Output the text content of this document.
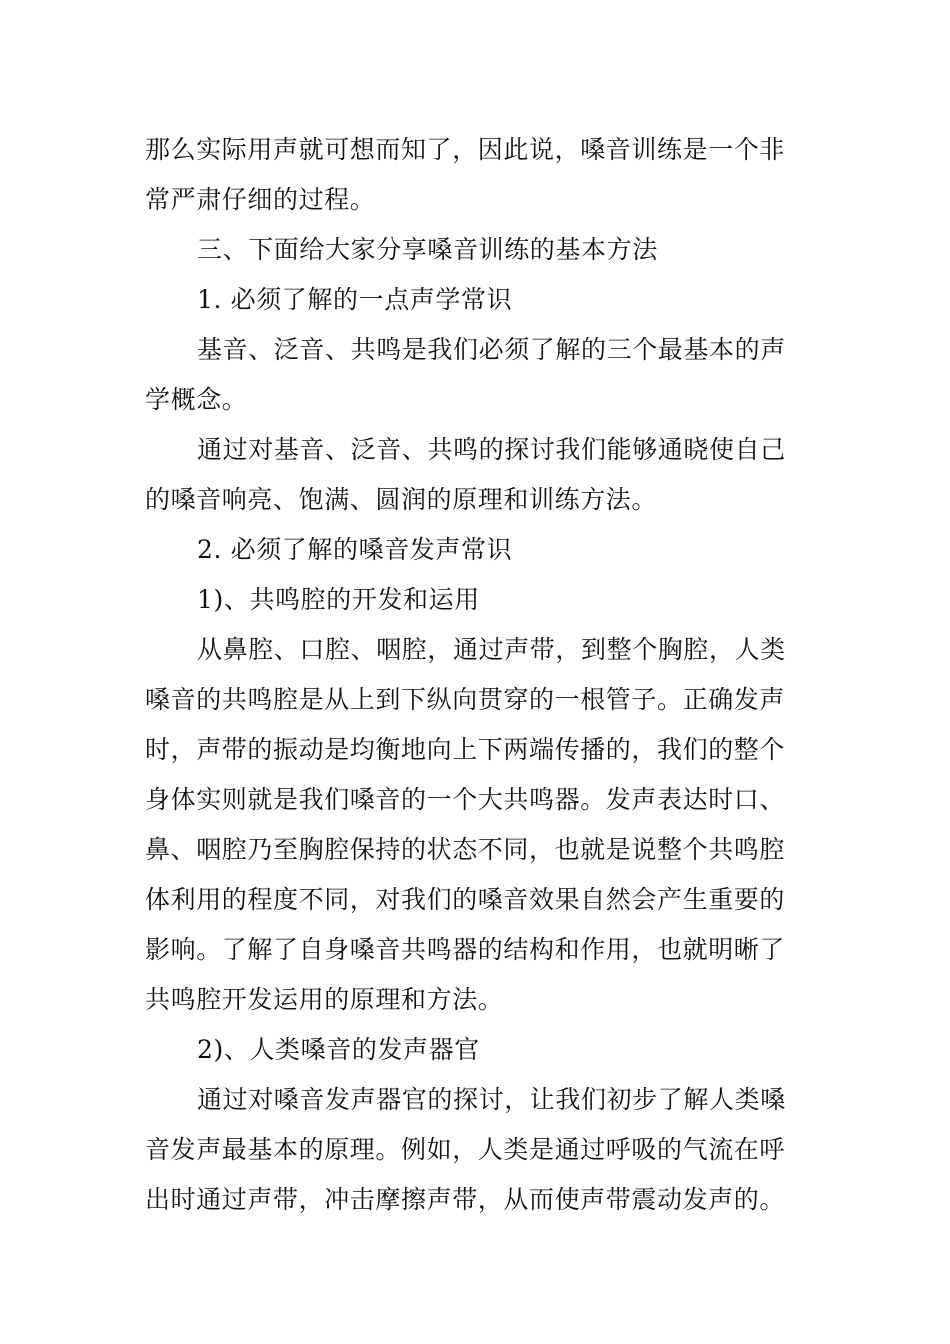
那么实际用声就可想而知了，因此说，嗓音训练是一个非
常严肃仔细的过程。
三、下面给大家分享嗓音训练的基本方法
1. 必须了解的一点声学常识
基音、泛音、共鸣是我们必须了解的三个最基本的声
学概念。
通过对基音、泛音、共鸣的探讨我们能够通晓使自己
的嗓音响亮、饱满、圆润的原理和训练方法。
2. 必须了解的嗓音发声常识
1)、共鸣腔的开发和运用
从鼻腔、口腔、咽腔，通过声带，到整个胸腔，人类
嗓音的共鸣腔是从上到下纵向贯穿的一根管子。正确发声
时，声带的振动是均衡地向上下两端传播的，我们的整个
身体实则就是我们嗓音的一个大共鸣器。发声表达时口、
鼻、咽腔乃至胸腔保持的状态不同，也就是说整个共鸣腔
体利用的程度不同，对我们的嗓音效果自然会产生重要的
影响。了解了自身嗓音共鸣器的结构和作用，也就明晰了
共鸣腔开发运用的原理和方法。
2)、人类嗓音的发声器官
通过对嗓音发声器官的探讨，让我们初步了解人类嗓
音发声最基本的原理。例如，人类是通过呼吸的气流在呼
出时通过声带，冲击摩擦声带，从而使声带震动发声的。
